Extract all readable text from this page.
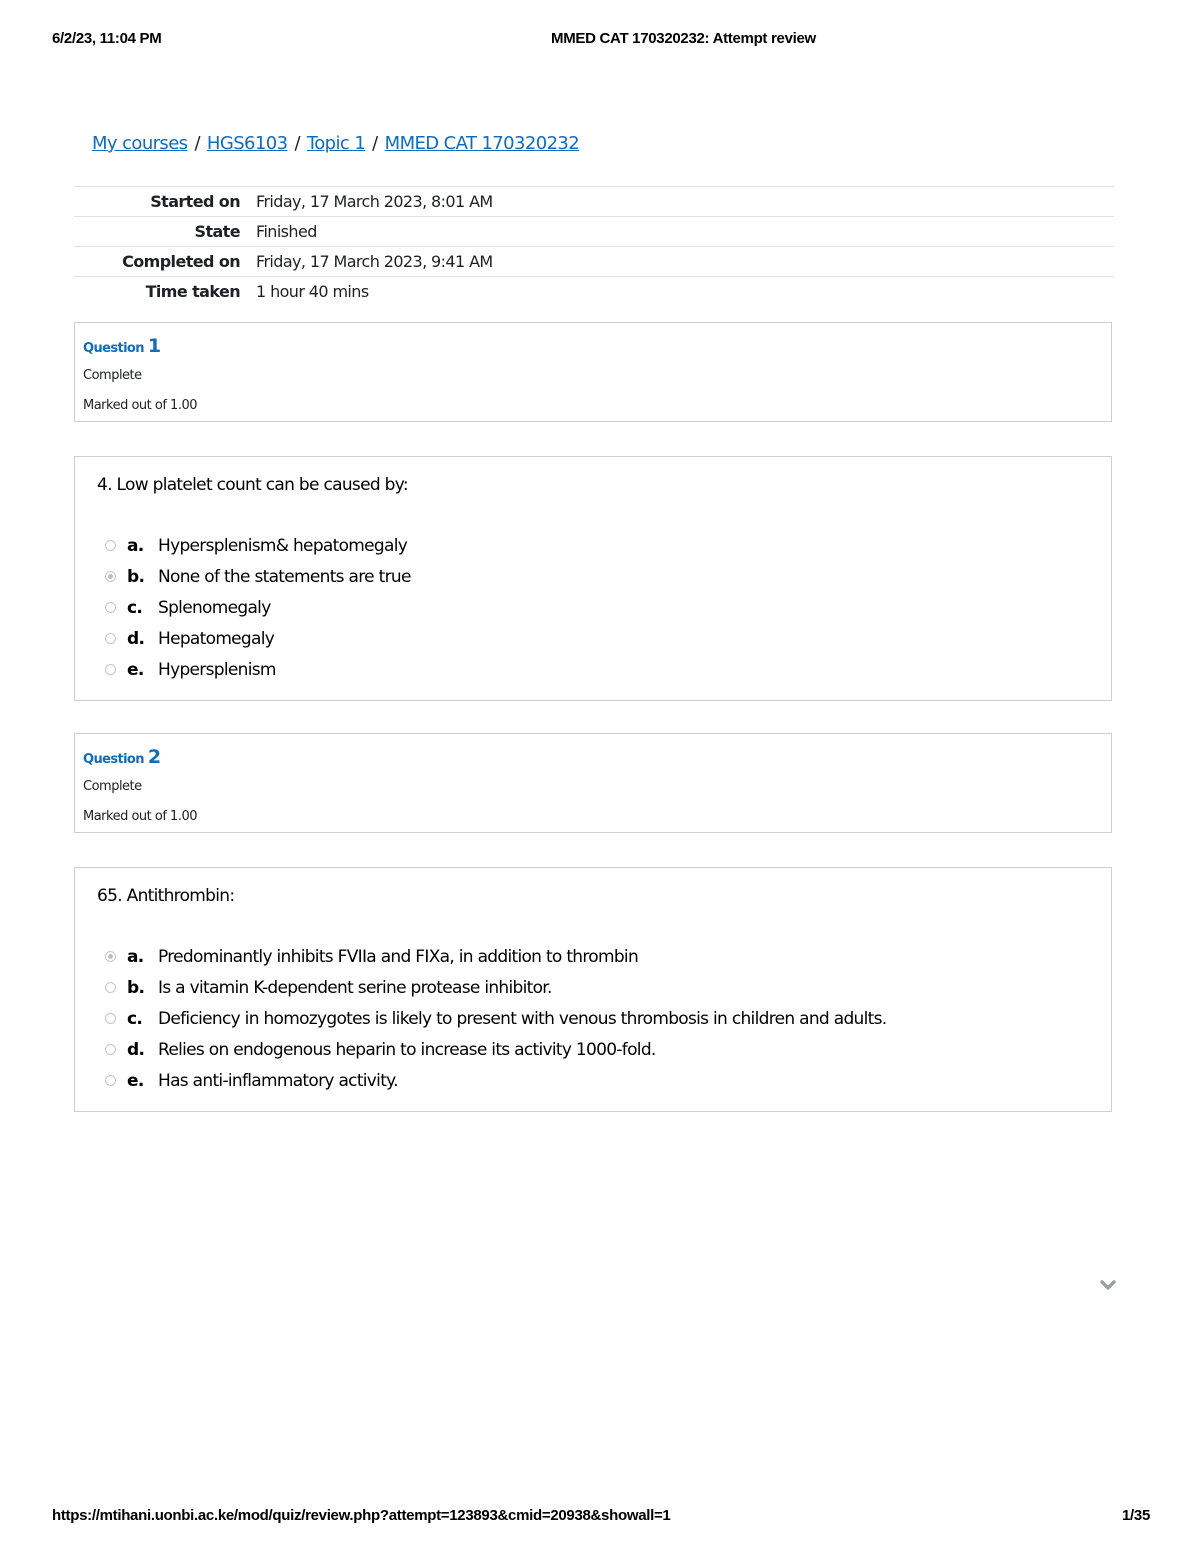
6/2/23, 11:04 PM	MMED CAT 170320232: Attempt review
My courses / HGS6103 / Topic 1 / MMED CAT 170320232
Started on	Friday, 17 March 2023, 8:01 AM
State	Finished
Completed on	Friday, 17 March 2023, 9:41 AM
Time taken	1 hour 40 mins
Question 1
Complete
Marked out of 1.00
4. Low platelet count can be caused by:
a. Hypersplenism& hepatomegaly
b. None of the statements are true
c. Splenomegaly
d. Hepatomegaly
e. Hypersplenism
Question 2
Complete
Marked out of 1.00
65. Antithrombin:
a. Predominantly inhibits FVIIa and FIXa, in addition to thrombin
b. Is a vitamin K-dependent serine protease inhibitor.
c. Deficiency in homozygotes is likely to present with venous thrombosis in children and adults.
d. Relies on endogenous heparin to increase its activity 1000-fold.
e. Has anti-inflammatory activity.
https://mtihani.uonbi.ac.ke/mod/quiz/review.php?attempt=123893&cmid=20938&showall=1	1/35
